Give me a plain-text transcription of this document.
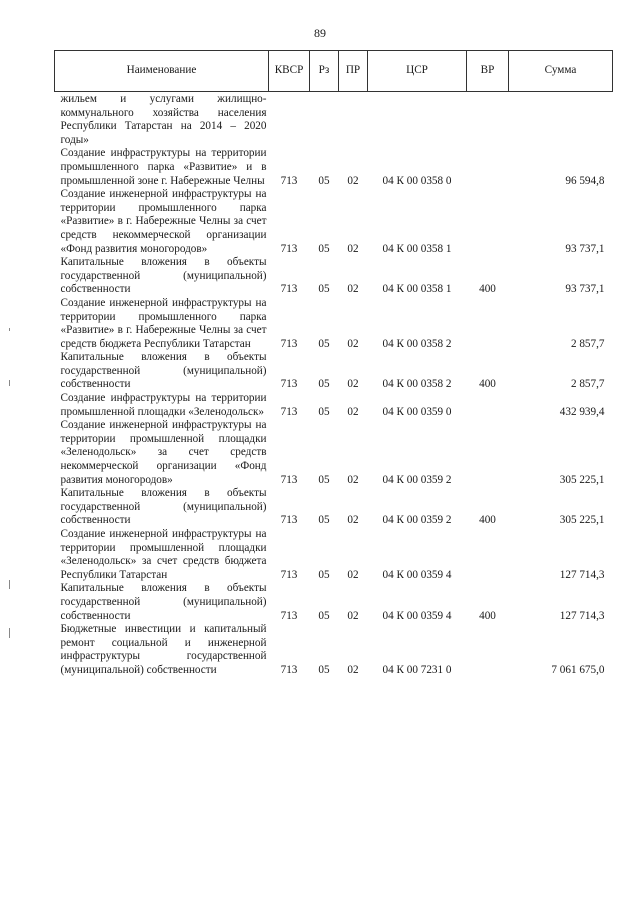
89
Наименование	КВСР	Рз	ПР	ЦСР	ВР	Сумма
жильем и услугами жилищно-коммунального хозяйства населения Республики Татарстан на 2014 – 2020 годы»						
Создание инфраструктуры на территории промышленного парка «Развитие» и в промышленной зоне г. Набережные Челны	713	05	02	04 К 00 0358 0		96 594,8
Создание инженерной инфраструктуры на территории промышленного парка «Развитие» в г. Набережные Челны за счет средств некоммерческой организации «Фонд развития моногородов»	713	05	02	04 К 00 0358 1		93 737,1
Капитальные вложения в объекты государственной (муниципальной) собственности	713	05	02	04 К 00 0358 1	400	93 737,1
Создание инженерной инфраструктуры на территории промышленного парка «Развитие» в г. Набережные Челны за счет средств бюджета Республики Татарстан	713	05	02	04 К 00 0358 2		2 857,7
Капитальные вложения в объекты государственной (муниципальной) собственности	713	05	02	04 К 00 0358 2	400	2 857,7
Создание инфраструктуры на территории промышленной площадки «Зеленодольск»	713	05	02	04 К 00 0359 0		432 939,4
Создание инженерной инфраструктуры на территории промышленной площадки «Зеленодольск» за счет средств некоммерческой организации «Фонд развития моногородов»	713	05	02	04 К 00 0359 2		305 225,1
Капитальные вложения в объекты государственной (муниципальной) собственности	713	05	02	04 К 00 0359 2	400	305 225,1
Создание инженерной инфраструктуры на территории промышленной площадки «Зеленодольск» за счет средств бюджета Республики Татарстан	713	05	02	04 К 00 0359 4		127 714,3
Капитальные вложения в объекты государственной (муниципальной) собственности	713	05	02	04 К 00 0359 4	400	127 714,3
Бюджетные инвестиции и капитальный ремонт социальной и инженерной инфраструктуры государственной (муниципальной) собственности	713	05	02	04 К 00 7231 0		7 061 675,0
